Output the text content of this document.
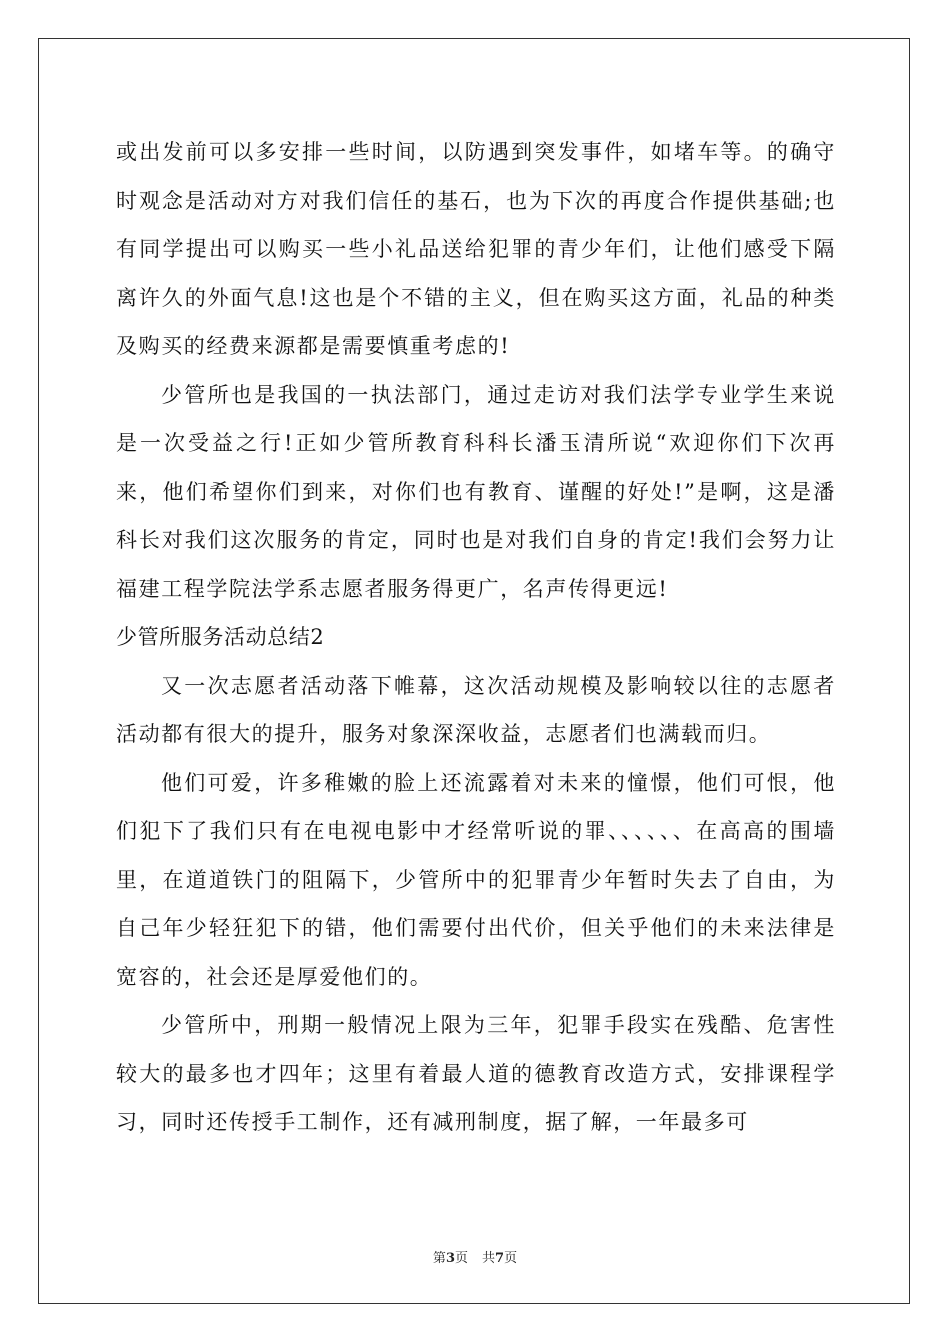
或出发前可以多安排一些时间，以防遇到突发事件，如堵车等。的确守时观念是活动对方对我们信任的基石，也为下次的再度合作提供基础;也有同学提出可以购买一些小礼品送给犯罪的青少年们，让他们感受下隔离许久的外面气息!这也是个不错的主义，但在购买这方面，礼品的种类及购买的经费来源都是需要慎重考虑的!

少管所也是我国的一执法部门，通过走访对我们法学专业学生来说是一次受益之行!正如少管所教育科科长潘玉清所说“欢迎你们下次再来，他们希望你们到来，对你们也有教育、谨醒的好处!”是啊，这是潘科长对我们这次服务的肯定，同时也是对我们自身的肯定!我们会努力让福建工程学院法学系志愿者服务得更广，名声传得更远!

少管所服务活动总结2

又一次志愿者活动落下帷幕，这次活动规模及影响较以往的志愿者活动都有很大的提升，服务对象深深收益，志愿者们也满载而归。

他们可爱，许多稚嫩的脸上还流露着对未来的憧憬，他们可恨，他们犯下了我们只有在电视电影中才经常听说的罪、、、、、、在高高的围墙里，在道道铁门的阻隔下，少管所中的犯罪青少年暂时失去了自由，为自己年少轻狂犯下的错，他们需要付出代价，但关乎他们的未来法律是宽容的，社会还是厚爱他们的。

少管所中，刑期一般情况上限为三年，犯罪手段实在残酷、危害性较大的最多也才四年；这里有着最人道的德教育改造方式，安排课程学习，同时还传授手工制作，还有减刑制度，据了解，一年最多可

第3页 共7页
